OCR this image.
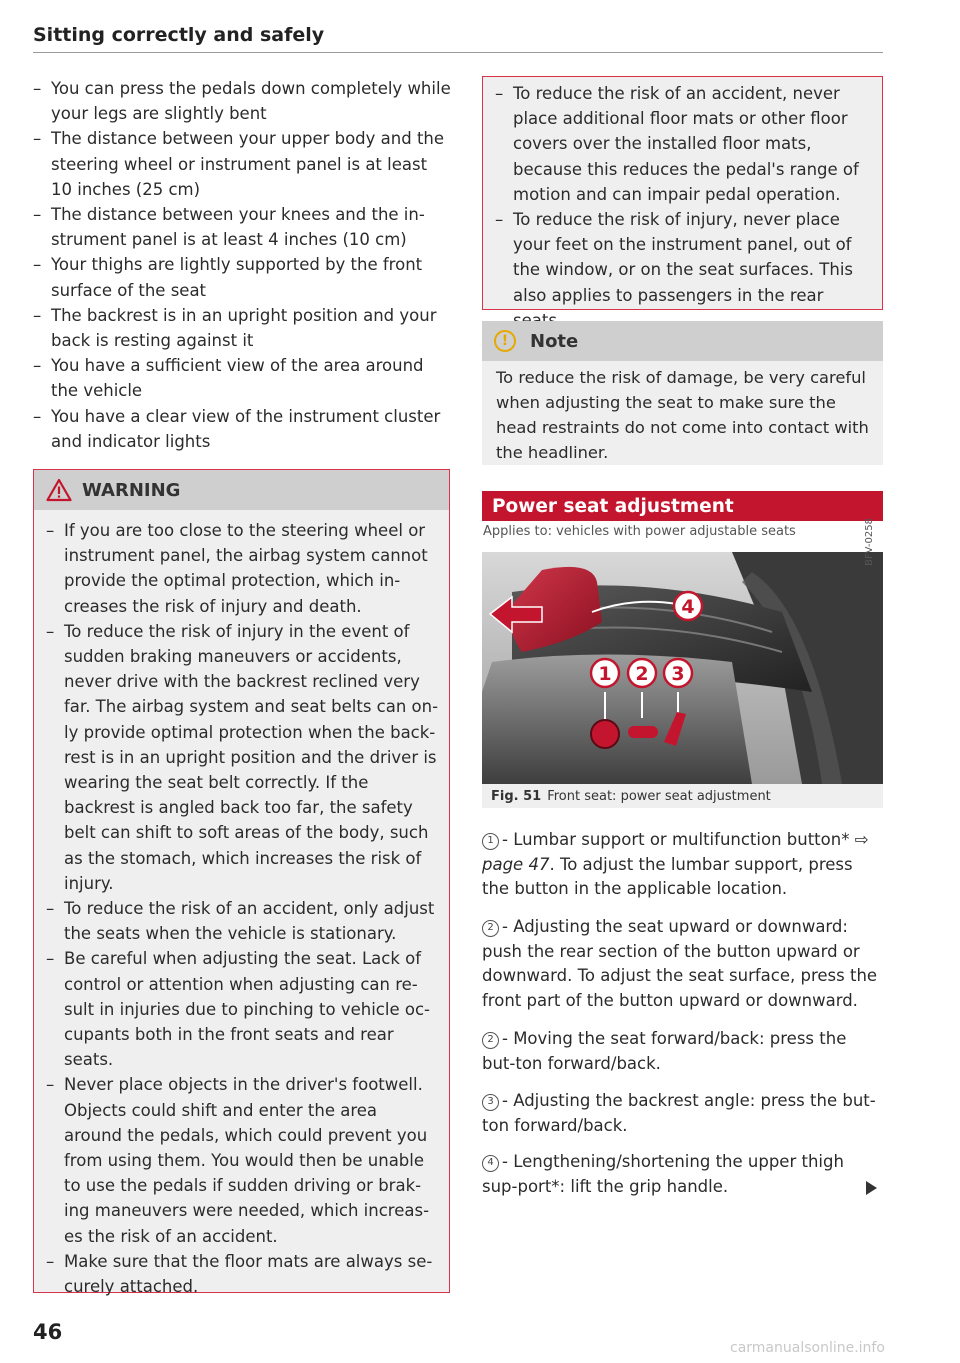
Sitting correctly and safely
– You can press the pedals down completely while your legs are slightly bent
– The distance between your upper body and the steering wheel or instrument panel is at least 10 inches (25 cm)
– The distance between your knees and the in-strument panel is at least 4 inches (10 cm)
– Your thighs are lightly supported by the front surface of the seat
– The backrest is in an upright position and your back is resting against it
– You have a sufficient view of the area around the vehicle
– You have a clear view of the instrument cluster and indicator lights
WARNING
– If you are too close to the steering wheel or instrument panel, the airbag system cannot provide the optimal protection, which in-creases the risk of injury and death.
– To reduce the risk of injury in the event of sudden braking maneuvers or accidents, never drive with the backrest reclined very far. The airbag system and seat belts can on-ly provide optimal protection when the back-rest is in an upright position and the driver is wearing the seat belt correctly. If the backrest is angled back too far, the safety belt can shift to soft areas of the body, such as the stomach, which increases the risk of injury.
– To reduce the risk of an accident, only adjust the seats when the vehicle is stationary.
– Be careful when adjusting the seat. Lack of control or attention when adjusting can re-sult in injuries due to pinching to vehicle oc-cupants both in the front seats and rear seats.
– Never place objects in the driver's footwell. Objects could shift and enter the area around the pedals, which could prevent you from using them. You would then be unable to use the pedals if sudden driving or brak-ing maneuvers were needed, which increas-es the risk of an accident.
– Make sure that the floor mats are always se-curely attached.
– To reduce the risk of an accident, never place additional floor mats or other floor covers over the installed floor mats, because this reduces the pedal's range of motion and can impair pedal operation.
– To reduce the risk of injury, never place your feet on the instrument panel, out of the window, or on the seat surfaces. This also applies to passengers in the rear
!	Note
To reduce the risk of damage, be very careful when adjusting the seat to make sure the head restraints do not come into contact with the headliner.
Power seat adjustment
Applies to: vehicles with power adjustable seats
4
1 2 3
Fig. 51 Front seat: power seat adjustment
BFV-0258
1 - Lumbar support or multifunction button* ⇨ page 47. To adjust the lumbar support, press the button in the applicable location.
2 - Adjusting the seat upward or downward: push the rear section of the button upward or downward. To adjust the seat surface, press the front part of the button upward or downward.
2 - Moving the seat forward/back: press the but-ton forward/back.
3 - Adjusting the backrest angle: press the but-ton forward/back.
4 - Lengthening/shortening the upper thigh sup-port*: lift the grip handle.
46
carmanualsonline.info
